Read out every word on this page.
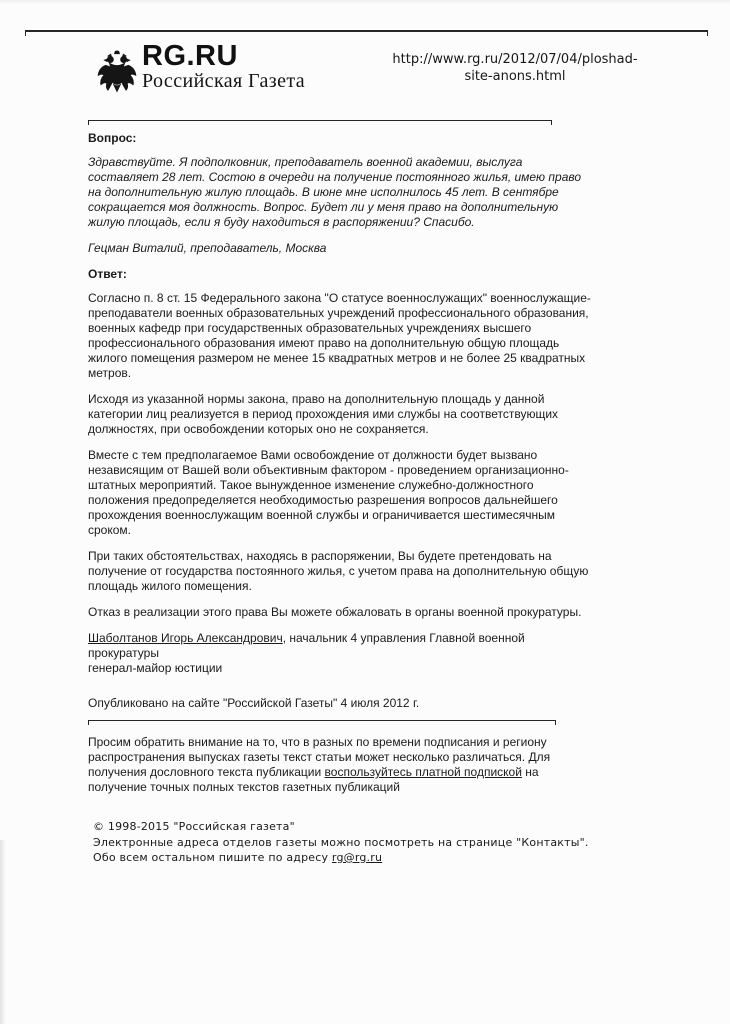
RG.RU
Российская Газета
http://www.rg.ru/2012/07/04/ploshad-
site-anons.html

Вопрос:

Здравствуйте. Я подполковник, преподаватель военной академии, выслуга составляет 28 лет. Состою в очереди на получение постоянного жилья, имею право на дополнительную жилую площадь. В июне мне исполнилось 45 лет. В сентябре сокращается моя должность. Вопрос. Будет ли у меня право на дополнительную жилую площадь, если я буду находиться в распоряжении? Спасибо.

Гецман Виталий, преподаватель, Москва

Ответ:

Согласно п. 8 ст. 15 Федерального закона "О статусе военнослужащих" военнослужащие-преподаватели военных образовательных учреждений профессионального образования, военных кафедр при государственных образовательных учреждениях высшего профессионального образования имеют право на дополнительную общую площадь жилого помещения размером не менее 15 квадратных метров и не более 25 квадратных метров.

Исходя из указанной нормы закона, право на дополнительную площадь у данной категории лиц реализуется в период прохождения ими службы на соответствующих должностях, при освобождении которых оно не сохраняется.

Вместе с тем предполагаемое Вами освобождение от должности будет вызвано независящим от Вашей воли объективным фактором - проведением организационно-штатных мероприятий. Такое вынужденное изменение служебно-должностного положения предопределяется необходимостью разрешения вопросов дальнейшего прохождения военнослужащим военной службы и ограничивается шестимесячным сроком.

При таких обстоятельствах, находясь в распоряжении, Вы будете претендовать на получение от государства постоянного жилья, с учетом права на дополнительную общую площадь жилого помещения.

Отказ в реализации этого права Вы можете обжаловать в органы военной прокуратуры.

Шаболтанов Игорь Александрович, начальник 4 управления Главной военной прокуратуры
генерал-майор юстиции

Опубликовано на сайте "Российской Газеты" 4 июля 2012 г.

Просим обратить внимание на то, что в разных по времени подписания и региону распространения выпусках газеты текст статьи может несколько различаться. Для получения дословного текста публикации воспользуйтесь платной подпиской на получение точных полных текстов газетных публикаций

© 1998-2015 "Российская газета"
Электронные адреса отделов газеты можно посмотреть на странице "Контакты".
Обо всем остальном пишите по адресу rg@rg.ru
